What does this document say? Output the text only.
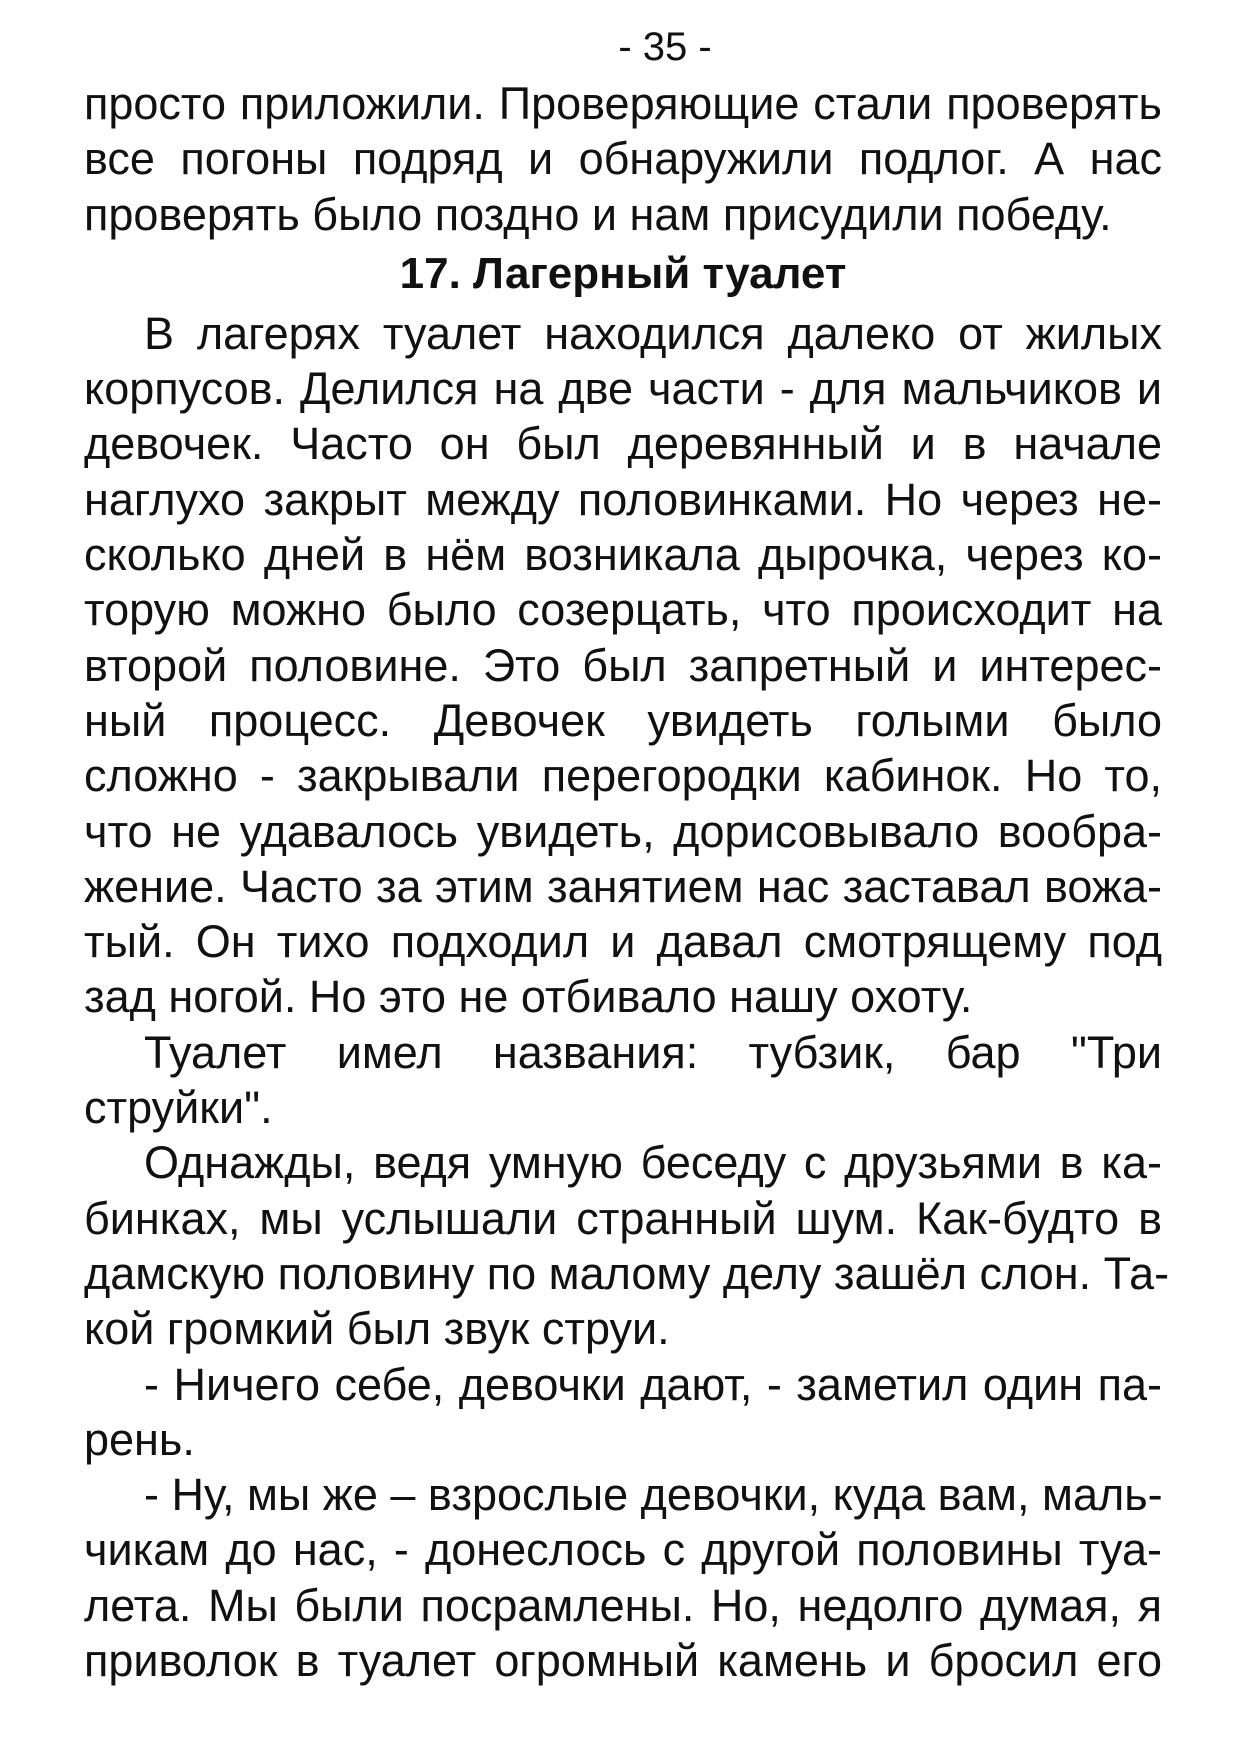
- 35 -
просто приложили. Проверяющие стали проверять
все погоны подряд и обнаружили подлог. А нас
проверять было поздно и нам присудили победу.
17. Лагерный туалет
В лагерях туалет находился далеко от жилых
корпусов. Делился на две части - для мальчиков и
девочек. Часто он был деревянный и в начале
наглухо закрыт между половинками. Но через не-
сколько дней в нём возникала дырочка, через ко-
торую можно было созерцать, что происходит на
второй половине. Это был запретный и интерес-
ный процесс. Девочек увидеть голыми было
сложно - закрывали перегородки кабинок. Но то,
что не удавалось увидеть, дорисовывало вообра-
жение. Часто за этим занятием нас заставал вожа-
тый. Он тихо подходил и давал смотрящему под
зад ногой. Но это не отбивало нашу охоту.
Туалет имел названия: тубзик, бар "Три
струйки".
Однажды, ведя умную беседу с друзьями в ка-
бинках, мы услышали странный шум. Как-будто в
дамскую половину по малому делу зашёл слон. Та-
кой громкий был звук струи.
- Ничего себе, девочки дают, - заметил один па-
рень.
- Ну, мы же – взрослые девочки, куда вам, маль-
чикам до нас, - донеслось с другой половины туа-
лета. Мы были посрамлены. Но, недолго думая, я
приволок в туалет огромный камень и бросил его
